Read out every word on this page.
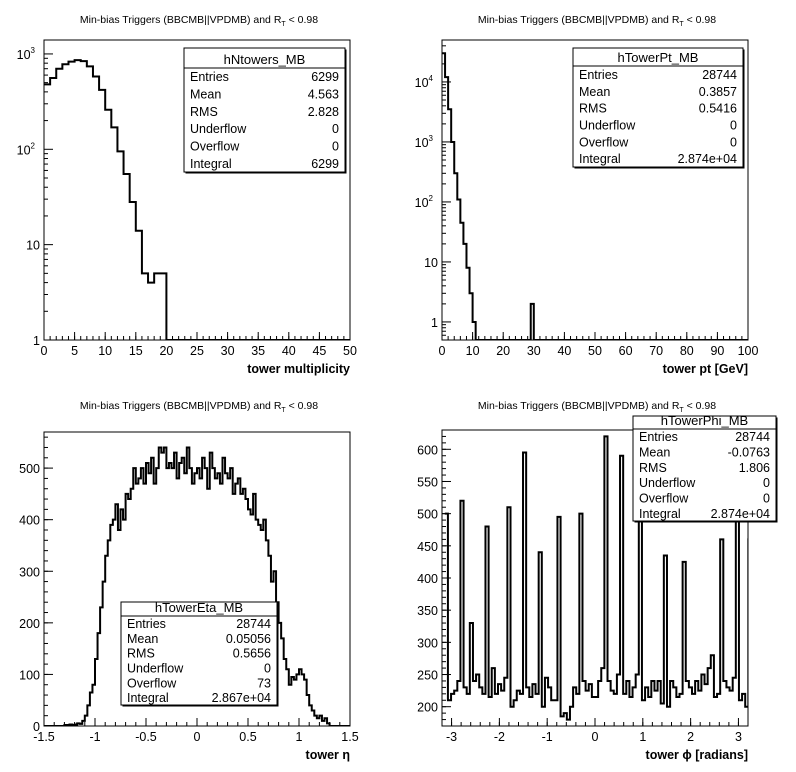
Min-bias Triggers (BBCMB||VPDMB) and $R_T < 0.98$
0 5 10 15 20 25 30 35 40 45 50
1
10
$10^2$
$10^3$
tower multiplicity
hNtowers_MB
Entries	6299
Mean	4.563
RMS	2.828
Underflow	0
Overflow	0
Integral	6299
Min-bias Triggers (BBCMB||VPDMB) and $R_T < 0.98$
0 10 20 30 40 50 60 70 80 90 100
1
10
$10^2$
$10^3$
$10^4$
tower pt [GeV]
hTowerPt_MB
Entries	28744
Mean	0.3857
RMS	0.5416
Underflow	0
Overflow	0
Integral	2.874e+04
Min-bias Triggers (BBCMB||VPDMB) and $R_T < 0.98$
-1.5	-1	-0.5	0	0.5	1	1.5
0
100
200
300
400
500
tower η
hTowerEta_MB
Entries	28744
Mean	0.05056
RMS	0.5656
Underflow	0
Overflow	73
Integral	2.867e+04
Min-bias Triggers (BBCMB||VPDMB) and $R_T < 0.98$
-3	-2	-1	0	1	2	3
200
250
300
350
400
450
500
550
600
tower ϕ [radians]
hTowerPhi_MB
Entries	28744
Mean	-0.0763
RMS	1.806
Underflow	0
Overflow	0
Integral 2.874e+04
